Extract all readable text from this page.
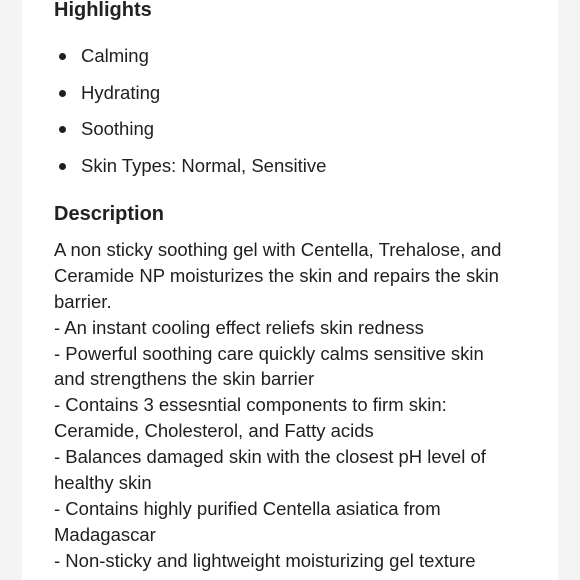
Highlights
Calming
Hydrating
Soothing
Skin Types: Normal, Sensitive
Description
A non sticky soothing gel with Centella, Trehalose, and
Ceramide NP moisturizes the skin and repairs the skin
barrier.
- An instant cooling effect reliefs skin redness
- Powerful soothing care quickly calms sensitive skin
and strengthens the skin barrier
- Contains 3 essesntial components to firm skin:
Ceramide, Cholesterol, and Fatty acids
- Balances damaged skin with the closest pH level of
healthy skin
- Contains highly purified Centella asiatica from
Madagascar
- Non-sticky and lightweight moisturizing gel texture
